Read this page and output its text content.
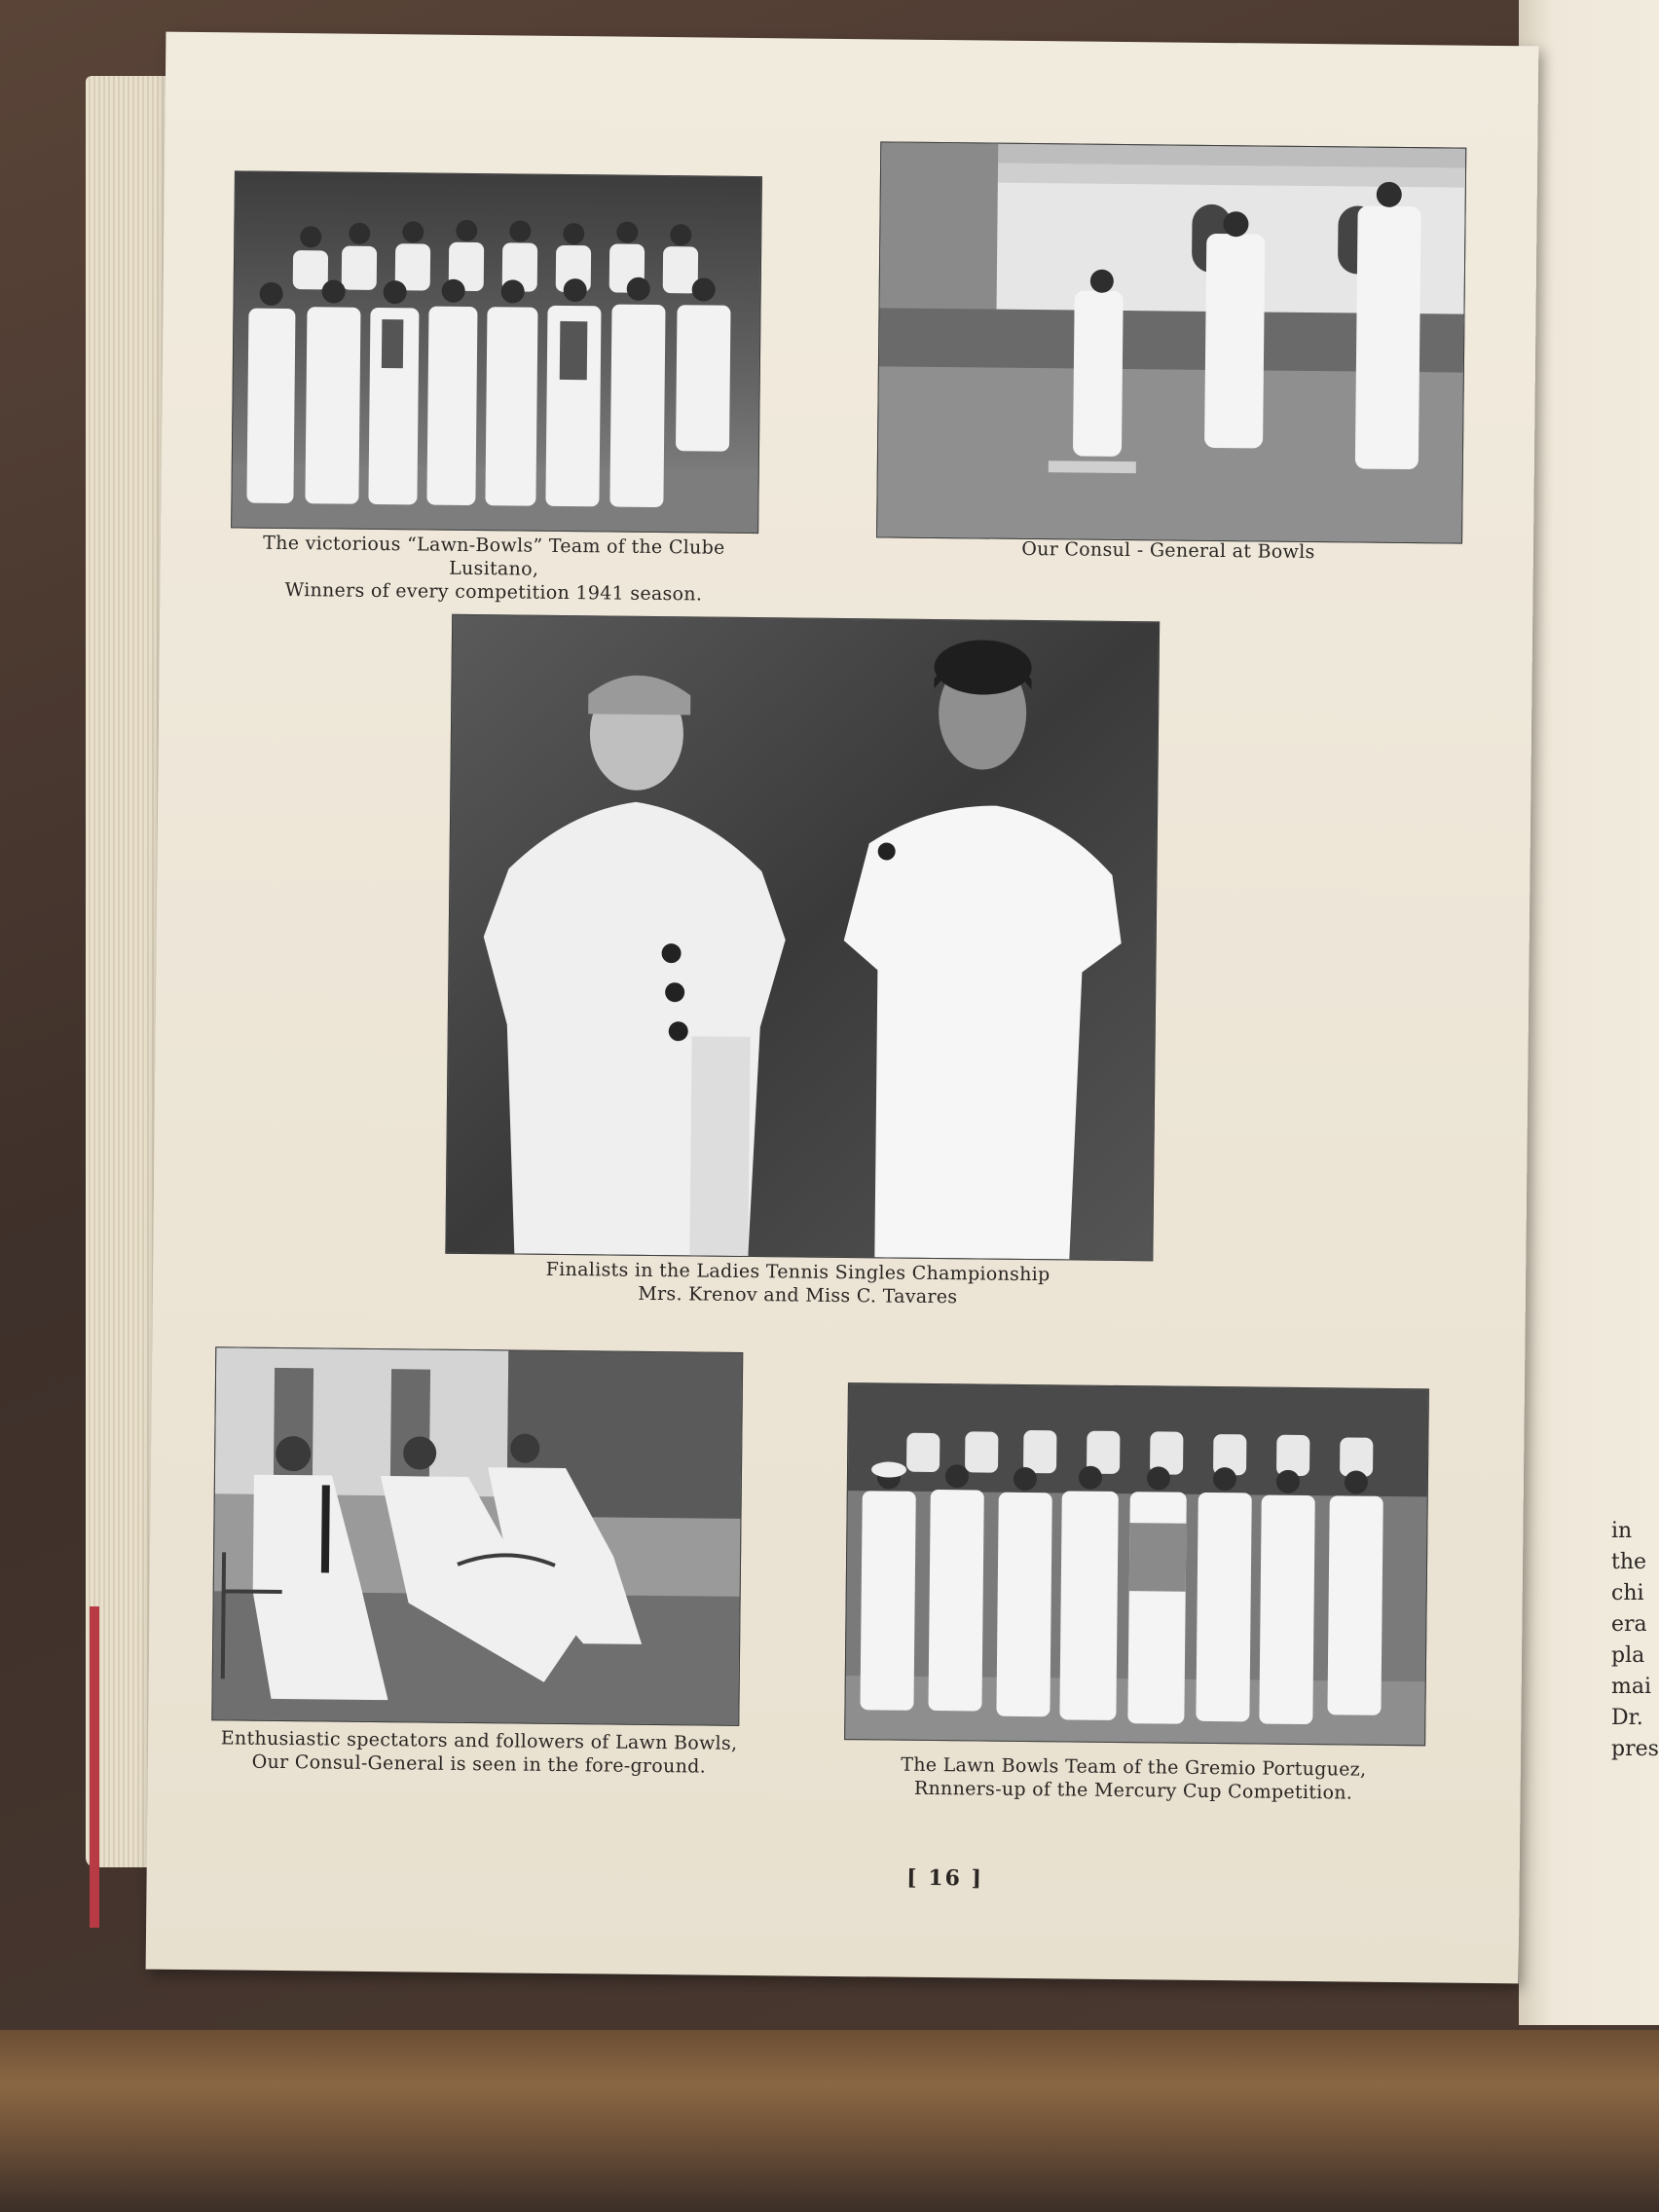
in
the
chi
era
pla
mai
Dr.
pres

The victorious “Lawn-Bowls” Team of the Clube Lusitano,
Winners of every competition 1941 season.
Our Consul - General at Bowls
Finalists in the Ladies Tennis Singles Championship
Mrs. Krenov and Miss C. Tavares
Enthusiastic spectators and followers of Lawn Bowls,
Our Consul-General is seen in the fore-ground.	The Lawn Bowls Team of the Gremio Portuguez,
Rnnners-up of the Mercury Cup Competition.
[ 16 ]
